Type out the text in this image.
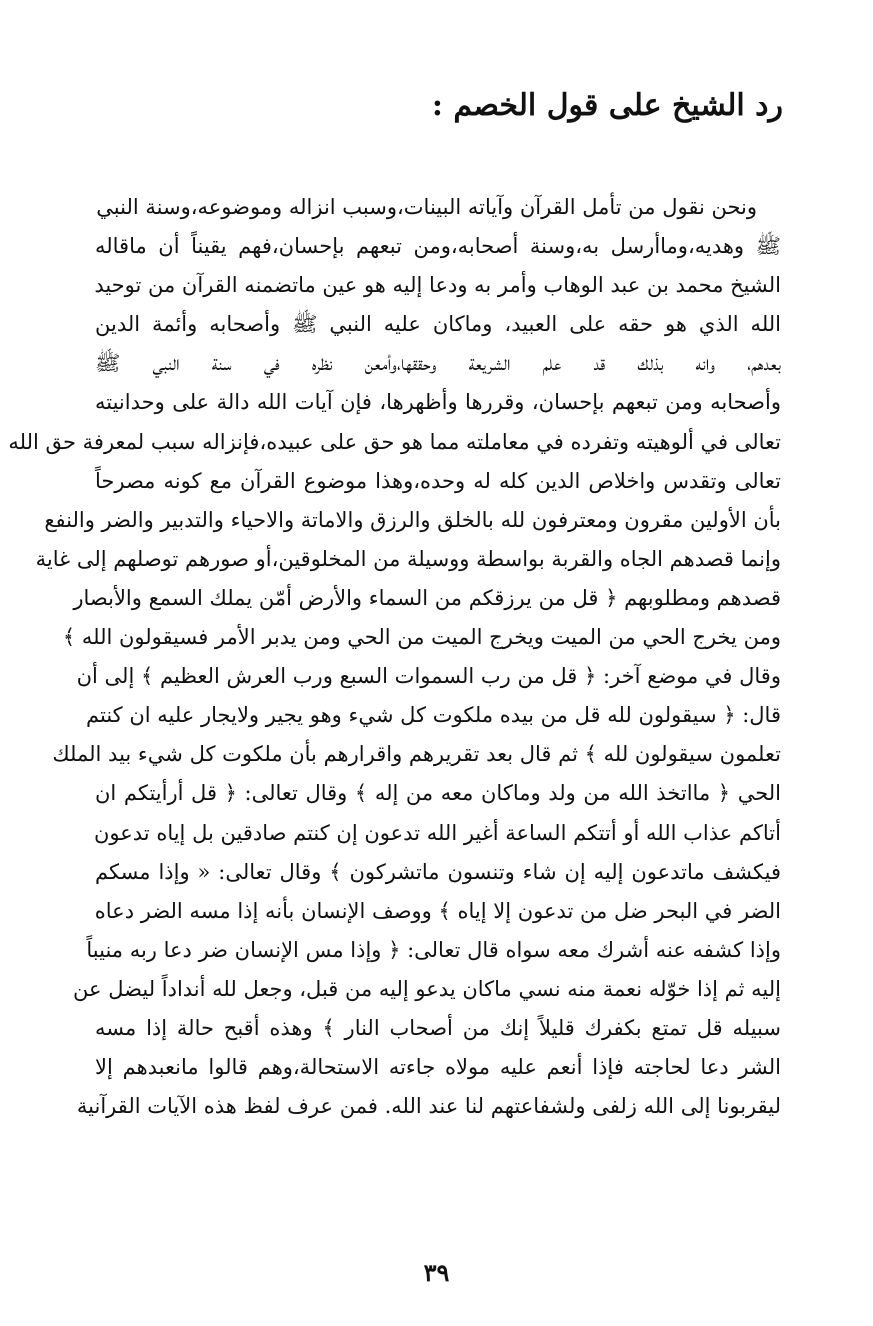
رد الشيخ على قول الخصم :
ونحن نقول من تأمل القرآن وآياته البينات،وسبب انزاله وموضوعه،وسنة النبي
ﷺ وهديه،وماأرسل به،وسنة أصحابه،ومن تبعهم بإحسان،فهم يقيناً أن ماقاله
الشيخ محمد بن عبد الوهاب وأمر به ودعا إليه هو عين ماتضمنه القرآن من توحيد
الله الذي هو حقه على العبيد، وماكان عليه النبي ﷺ وأصحابه وأئمة الدين
بعدهم، وانه بذلك قد علم الشريعة وحققها،وأمعن نظره في سنة النبي ﷺ
وأصحابه ومن تبعهم بإحسان، وقررها وأظهرها، فإن آيات الله دالة على وحدانيته
تعالى في ألوهيته وتفرده في معاملته مما هو حق على عبيده،فإنزاله سبب لمعرفة حق الله
تعالى وتقدس واخلاص الدين كله له وحده،وهذا موضوع القرآن مع كونه مصرحاً
بأن الأولين مقرون ومعترفون لله بالخلق والرزق والاماتة والاحياء والتدبير والضر والنفع
وإنما قصدهم الجاه والقربة بواسطة ووسيلة من المخلوقين،أو صورهم توصلهم إلى غاية
قصدهم ومطلوبهم ﴿ قل من يرزقكم من السماء والأرض أمّن يملك السمع والأبصار
ومن يخرج الحي من الميت ويخرج الميت من الحي ومن يدبر الأمر فسيقولون الله ﴾
وقال في موضع آخر: ﴿ قل من رب السموات السبع ورب العرش العظيم ﴾ إلى أن
قال: ﴿ سيقولون لله قل من بيده ملكوت كل شيء وهو يجير ولايجار عليه ان كنتم
تعلمون سيقولون لله ﴾ ثم قال بعد تقريرهم واقرارهم بأن ملكوت كل شيء بيد الملك
الحي ﴿ مااتخذ الله من ولد وماكان معه من إله ﴾ وقال تعالى: ﴿ قل أرأيتكم ان
أتاكم عذاب الله أو أتتكم الساعة أغير الله تدعون إن كنتم صادقين بل إياه تدعون
فيكشف ماتدعون إليه إن شاء وتنسون ماتشركون ﴾ وقال تعالى: « وإذا مسكم
الضر في البحر ضل من تدعون إلا إياه ﴾ ووصف الإنسان بأنه إذا مسه الضر دعاه
وإذا كشفه عنه أشرك معه سواه قال تعالى: ﴿ وإذا مس الإنسان ضر دعا ربه منيباً
إليه ثم إذا خوّله نعمة منه نسي ماكان يدعو إليه من قبل، وجعل لله أنداداً ليضل عن
سبيله قل تمتع بكفرك قليلاً إنك من أصحاب النار ﴾ وهذه أقبح حالة إذا مسه
الشر دعا لحاجته فإذا أنعم عليه مولاه جاءته الاستحالة،وهم قالوا مانعبدهم إلا
ليقربونا إلى الله زلفى ولشفاعتهم لنا عند الله. فمن عرف لفظ هذه الآيات القرآنية
٣٩
